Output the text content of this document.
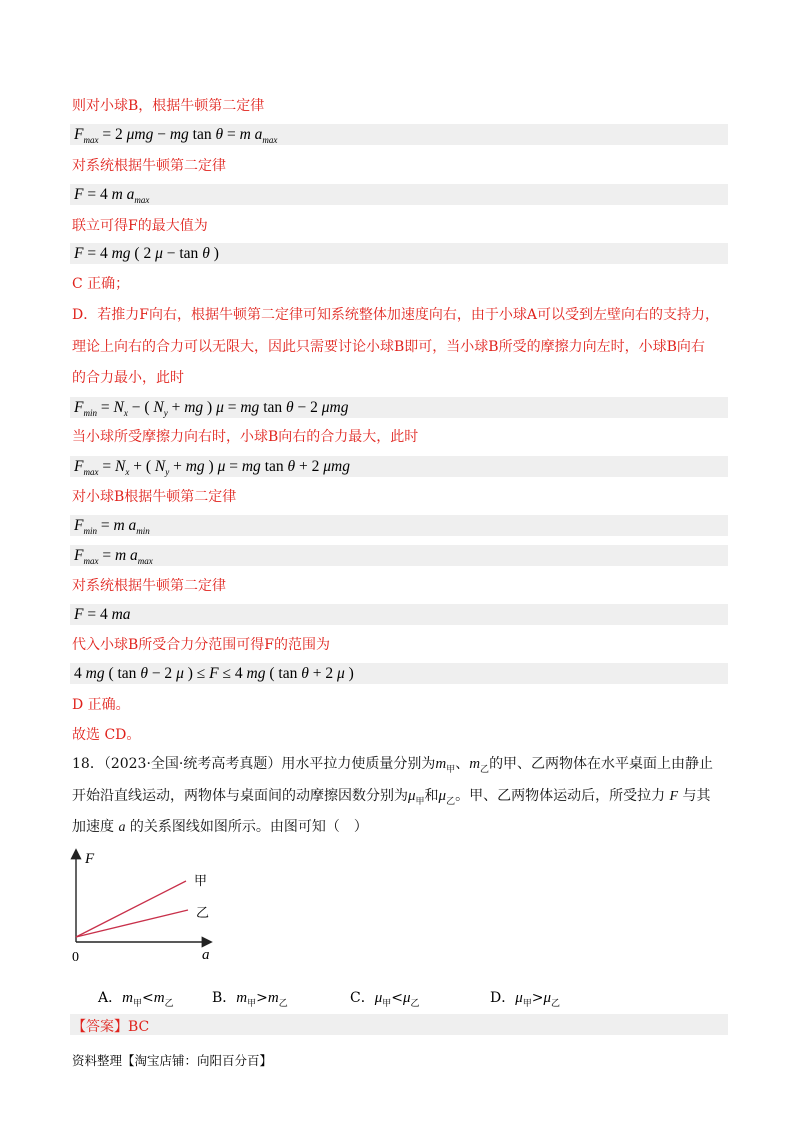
则对小球B，根据牛顿第二定律
$F_{max} = 2$ μmg − mg tan θ = m $a_{max}$
对系统根据牛顿第二定律
F = 4 m $a_{max}$
联立可得F的最大值为
F = 4 mg ( 2 μ − tan θ )
C 正确；
D．若推力F向右，根据牛顿第二定律可知系统整体加速度向右，由于小球A可以受到左壁向右的支持力，
理论上向右的合力可以无限大，因此只需要讨论小球B即可，当小球B所受的摩擦力向左时，小球B向右
的合力最小，此时
$F_{min} = N_x$ − ( $N_y$ + mg ) μ = mg tan θ − 2 μmg
当小球所受摩擦力向右时，小球B向右的合力最大，此时
$F_{max} = N_x$ + ( $N_y$ + mg ) μ = mg tan θ + 2 μmg
对小球B根据牛顿第二定律
$F_{min} = m$ $a_{min}$
$F_{max} = m$ $a_{max}$
对系统根据牛顿第二定律
F = 4 ma
代入小球B所受合力分范围可得F的范围为
4 mg ( tan θ − 2 μ ) ≤ F ≤ 4 mg ( tan θ + 2 μ )
D 正确。
故选 CD。
18．（2023·全国·统考高考真题）用水平拉力使质量分别为$m_甲$、$m_乙$的甲、乙两物体在水平桌面上由静止
开始沿直线运动，两物体与桌面间的动摩擦因数分别为$\mu_甲$和$\mu_乙$。甲、乙两物体运动后，所受拉力 F 与其
加速度 a 的关系图线如图所示。由图可知（　）
F
a
0
甲
乙
A．$m_甲<m_乙$	B．$m_甲>m_乙$	C．$\mu_甲<\mu_乙$	D．$\mu_甲>\mu_乙$
【答案】BC
资料整理【淘宝店铺：向阳百分百】
